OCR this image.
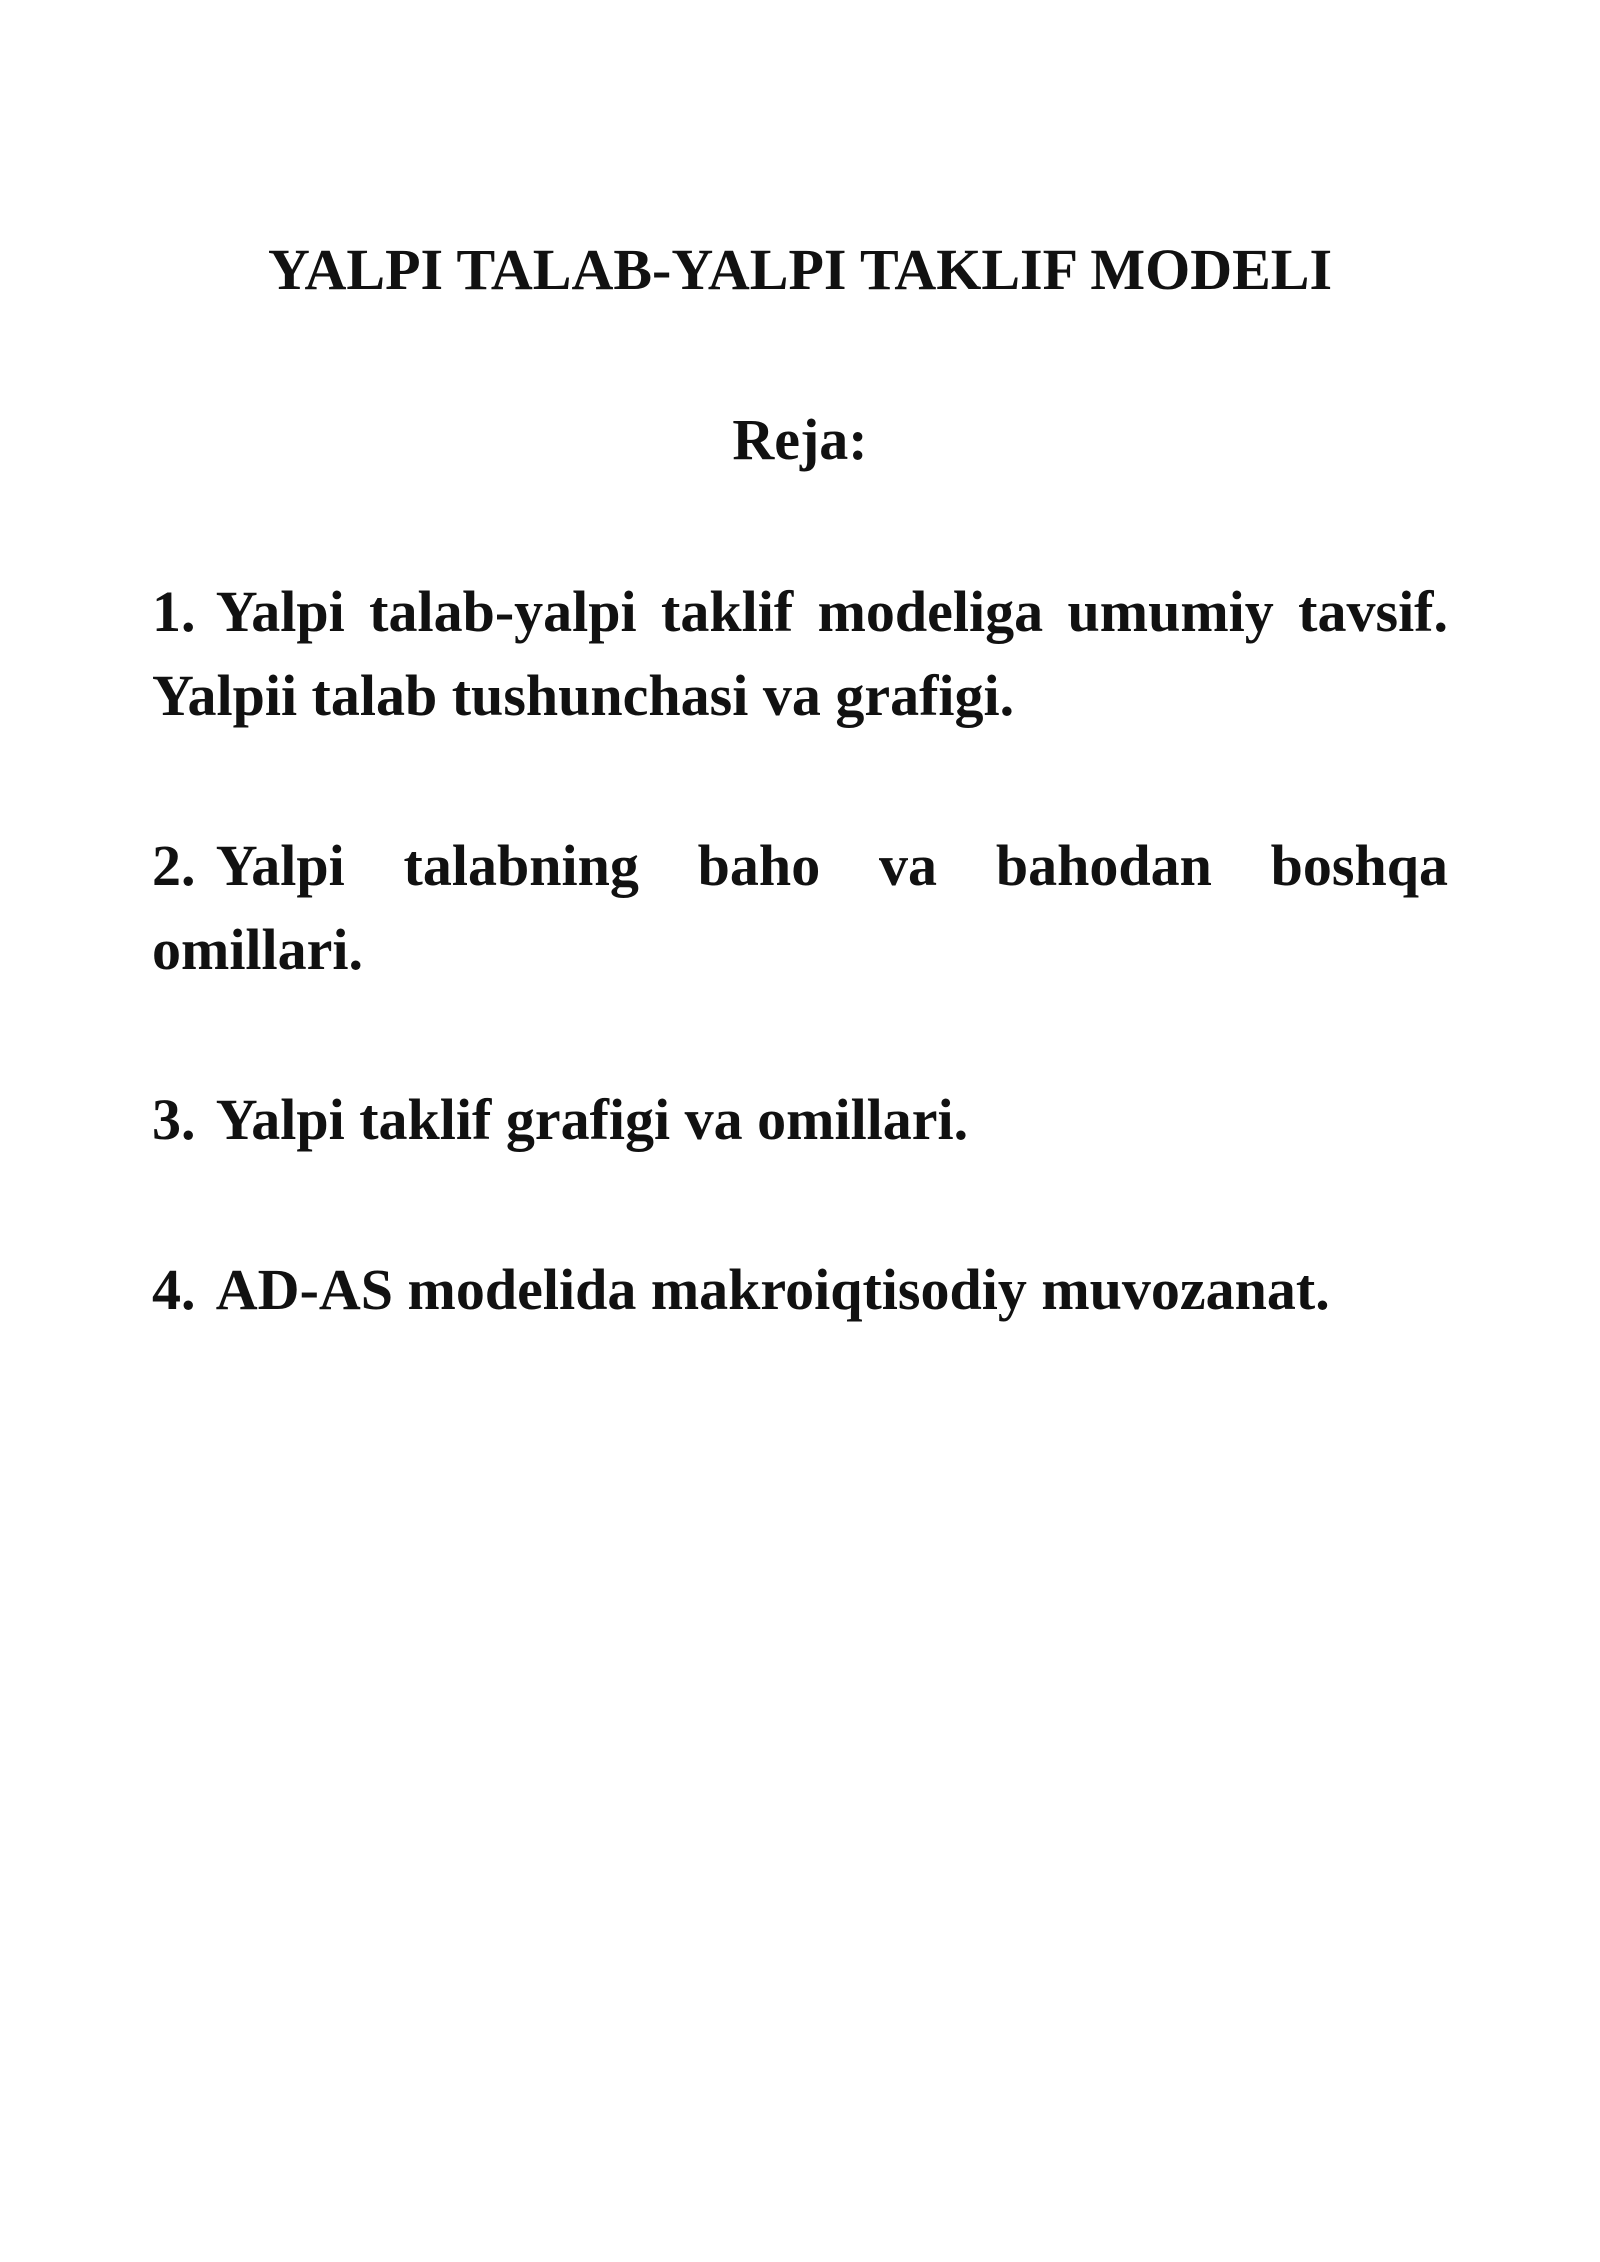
YALPI TALAB-YALPI TAKLIF MODELI
Reja:
1. Yalpi talab-yalpi taklif modeliga umumiy tavsif. Yalpii talab tushunchasi va grafigi.
2. Yalpi talabning baho va bahodan boshqa omillari.
3. Yalpi taklif grafigi va omillari.
4. AD-AS modelida makroiqtisodiy muvozanat.
